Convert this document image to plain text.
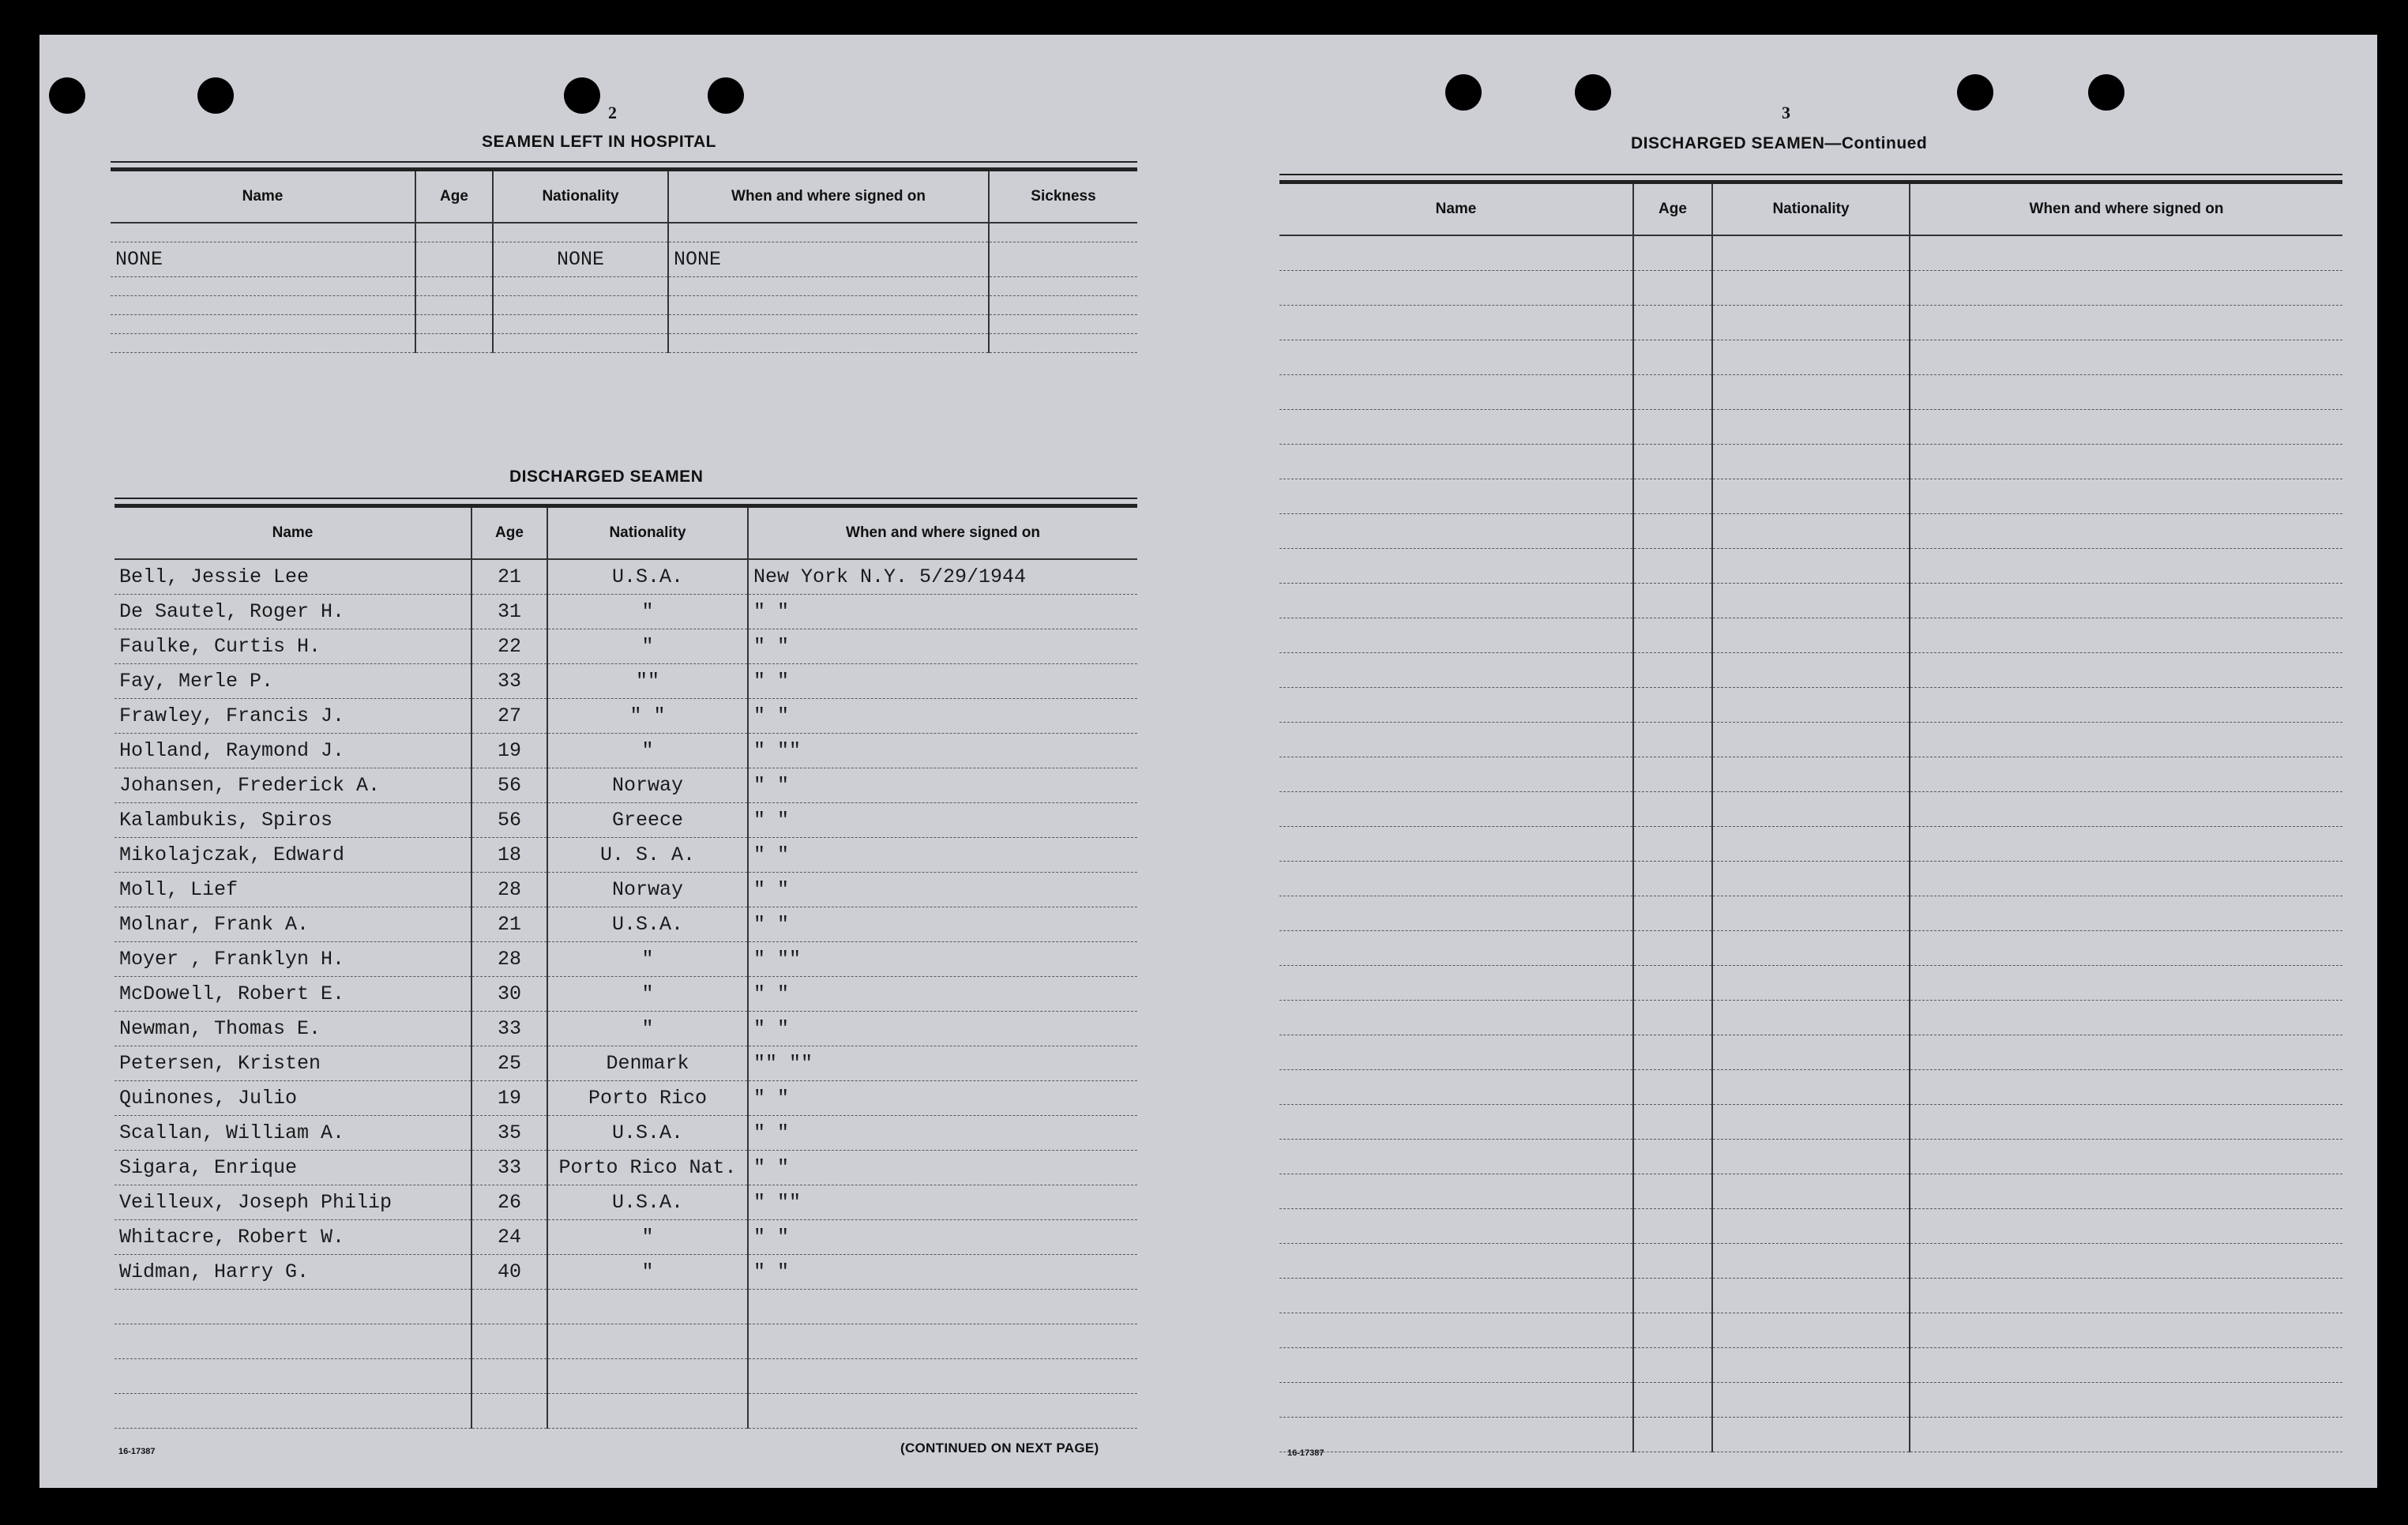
2
SEAMEN LEFT IN HOSPITAL
Name	Age	Nationality	When and where signed on	Sickness

NONE		NONE	NONE	

DISCHARGED SEAMEN
Name	Age	Nationality	When and where signed on
Bell, Jessie Lee	21	U.S.A.	New York N.Y. 5/29/1944
De Sautel, Roger H.	31	"	" "
Faulke, Curtis H.	22	"	" "
Fay, Merle P.	33	""	" "
Frawley, Francis J.	27	" "	" "
Holland, Raymond J.	19	"	" ""
Johansen, Frederick A.	56	Norway	" "
Kalambukis, Spiros	56	Greece	" "
Mikolajczak, Edward	18	U. S. A.	" "
Moll, Lief	28	Norway	" "
Molnar, Frank A.	21	U.S.A.	" "
Moyer , Franklyn H.	28	"	" ""
McDowell, Robert E.	30	"	" "
Newman, Thomas E.	33	"	" "
Petersen, Kristen	25	Denmark	"" ""
Quinones, Julio	19	Porto Rico	" "
Scallan, William A.	35	U.S.A.	" "
Sigara, Enrique	33	Porto Rico Nat.	" "
Veilleux, Joseph Philip	26	U.S.A.	" ""
Whitacre, Robert W.	24	"	" "
Widman, Harry G.	40	"	" "

16-17387	(CONTINUED ON NEXT PAGE)
3
DISCHARGED SEAMEN—Continued
Name	Age	Nationality	When and where signed on

16-17387
